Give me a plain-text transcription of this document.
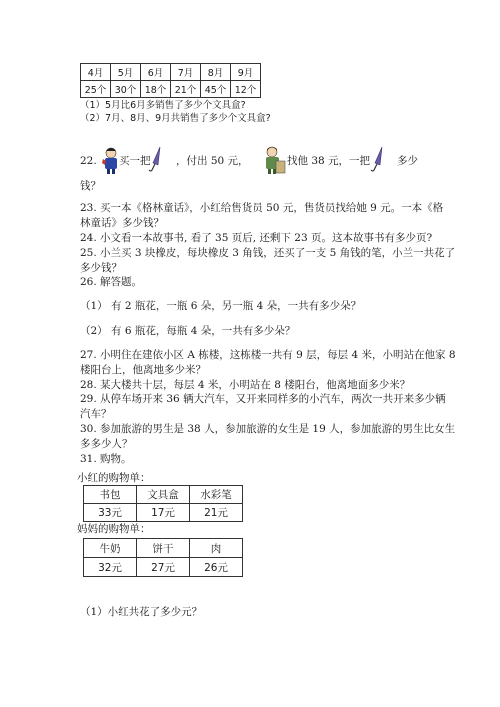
4月	5月	6月	7月	8月	9月
25个	30个	18个	21个	45个	12个
（1）5月比6月多销售了多少个文具盒?
（2）7月、8月、9月共销售了多少个文具盒?
22. 买一把 ，付出 50 元，	找他 38 元，一把	多少
钱？
23. 买一本《格林童话》，小红给售货员 50 元，售货员找给她 9 元。一本《格
林童话》多少钱？
24. 小文看一本故事书, 看了 35 页后, 还剩下 23 页。这本故事书有多少页?
25. 小兰买 3 块橡皮，每块橡皮 3 角钱，还买了一支 5 角钱的笔，小兰一共花了
多少钱？
26. 解答题。
（1） 有 2 瓶花，一瓶 6 朵，另一瓶 4 朵，一共有多少朵？
（2） 有 6 瓶花，每瓶 4 朵，一共有多少朵？
27. 小明住在建依小区 A 栋楼，这栋楼一共有 9 层，每层 4 米，小明站在他家 8
楼阳台上，他离地多少米？
28. 某大楼共十层，每层 4 米，小明站在 8 楼阳台，他离地面多少米？
29. 从停车场开来 36 辆大汽车，又开来同样多的小汽车，两次一共开来多少辆
汽车？
30. 参加旅游的男生是 38 人，参加旅游的女生是 19 人，参加旅游的男生比女生
多多少人？
31. 购物。
小红的购物单：
书包	文具盒	水彩笔
33元	17元	21元
妈妈的购物单：
牛奶	饼干	肉
32元	27元	26元
（1）小红共花了多少元？
